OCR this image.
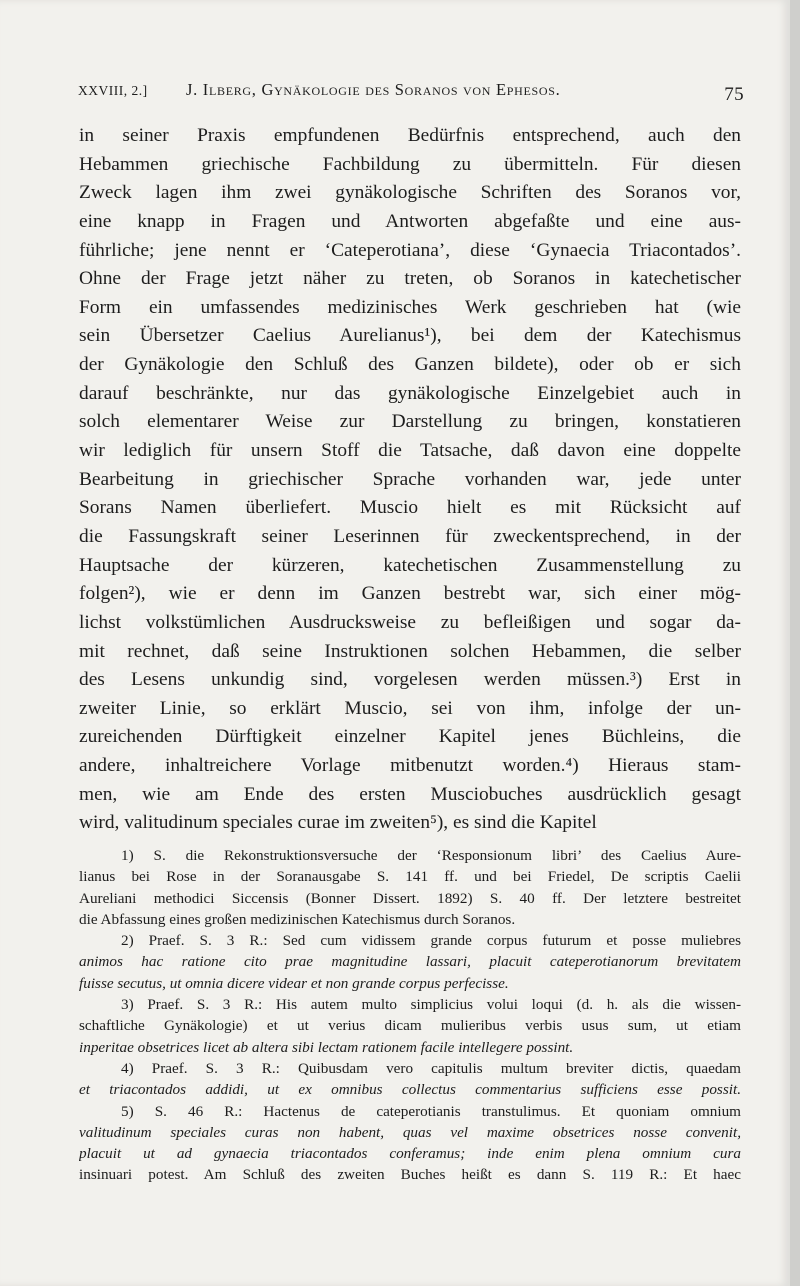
XXVIII, 2.] J. Ilberg, Gynäkologie des Soranos von Ephesos.	75
in seiner Praxis empfundenen Bedürfnis entsprechend, auch den
Hebammen griechische Fachbildung zu übermitteln. Für diesen
Zweck lagen ihm zwei gynäkologische Schriften des Soranos vor,
eine knapp in Fragen und Antworten abgefaßte und eine aus-
führliche; jene nennt er ‘Cateperotiana’, diese ‘Gynaecia Triacontados’.
Ohne der Frage jetzt näher zu treten, ob Soranos in katechetischer
Form ein umfassendes medizinisches Werk geschrieben hat (wie
sein Übersetzer Caelius Aurelianus¹), bei dem der Katechismus
der Gynäkologie den Schluß des Ganzen bildete), oder ob er sich
darauf beschränkte, nur das gynäkologische Einzelgebiet auch in
solch elementarer Weise zur Darstellung zu bringen, konstatieren
wir lediglich für unsern Stoff die Tatsache, daß davon eine doppelte
Bearbeitung in griechischer Sprache vorhanden war, jede unter
Sorans Namen überliefert. Muscio hielt es mit Rücksicht auf
die Fassungskraft seiner Leserinnen für zweckentsprechend, in der
Hauptsache der kürzeren, katechetischen Zusammenstellung zu
folgen²), wie er denn im Ganzen bestrebt war, sich einer mög-
lichst volkstümlichen Ausdrucksweise zu befleißigen und sogar da-
mit rechnet, daß seine Instruktionen solchen Hebammen, die selber
des Lesens unkundig sind, vorgelesen werden müssen.³) Erst in
zweiter Linie, so erklärt Muscio, sei von ihm, infolge der un-
zureichenden Dürftigkeit einzelner Kapitel jenes Büchleins, die
andere, inhaltreichere Vorlage mitbenutzt worden.⁴) Hieraus stam-
men, wie am Ende des ersten Musciobuches ausdrücklich gesagt
wird, valitudinum speciales curae im zweiten⁵), es sind die Kapitel
1) S. die Rekonstruktionsversuche der ‘Responsionum libri’ des Caelius Aure-
lianus bei Rose in der Soranausgabe S. 141 ff. und bei Friedel, De scriptis Caelii
Aureliani methodici Siccensis (Bonner Dissert. 1892) S. 40 ff. Der letztere bestreitet
die Abfassung eines großen medizinischen Katechismus durch Soranos.
2) Praef. S. 3 R.: Sed cum vidissem grande corpus futurum et posse muliebres
animos hac ratione cito prae magnitudine lassari, placuit cateperotianorum brevitatem
fuisse secutus, ut omnia dicere videar et non grande corpus perfecisse.
3) Praef. S. 3 R.: His autem multo simplicius volui loqui (d. h. als die wissen-
schaftliche Gynäkologie) et ut verius dicam mulieribus verbis usus sum, ut etiam
inperitae obsetrices licet ab altera sibi lectam rationem facile intellegere possint.
4) Praef. S. 3 R.: Quibusdam vero capitulis multum breviter dictis, quaedam
et triacontados addidi, ut ex omnibus collectus commentarius sufficiens esse possit.
5) S. 46 R.: Hactenus de cateperotianis transtulimus. Et quoniam omnium
valitudinum speciales curas non habent, quas vel maxime obsetrices nosse convenit,
placuit ut ad gynaecia triacontados conferamus; inde enim plena omnium cura
insinuari potest. Am Schluß des zweiten Buches heißt es dann S. 119 R.: Et haec
